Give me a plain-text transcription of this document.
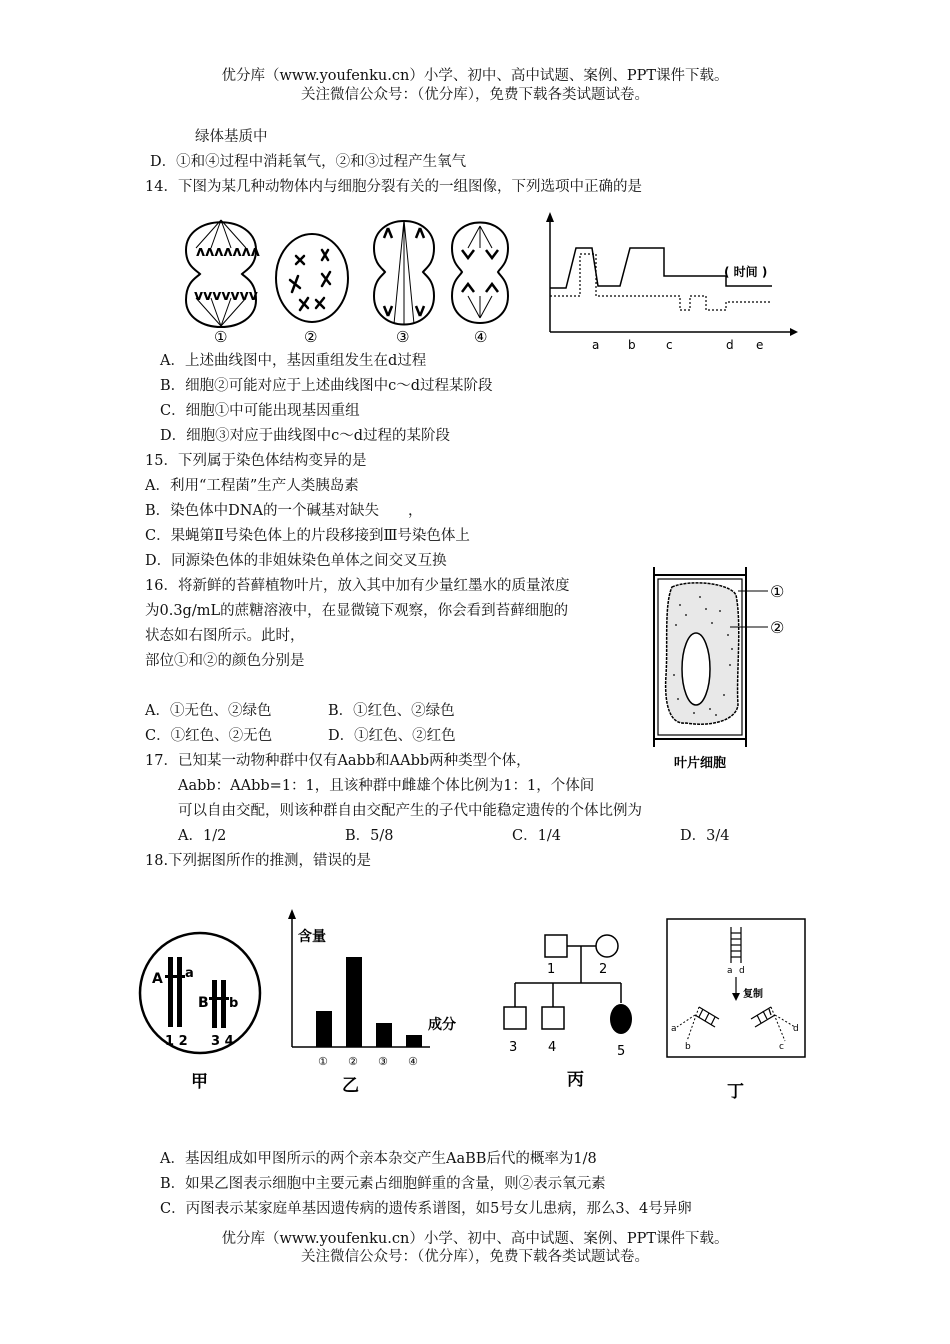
优分库（www.youfenku.cn）小学、初中、高中试题、案例、PPT课件下载。
关注微信公众号：（优分库），免费下载各类试题试卷。
绿体基质中
D．①和④过程中消耗氧气，②和③过程产生氧气
14．下图为某几种动物体内与细胞分裂有关的一组图像，下列选项中正确的是
ʌʌʌʌʌʌʌ
vvvvvvv
①	②	③	④
( 时间 )
a b	c	d e
A．上述曲线图中，基因重组发生在d过程
B．细胞②可能对应于上述曲线图中c～d过程某阶段
C．细胞①中可能出现基因重组
D．细胞③对应于曲线图中c～d过程的某阶段
15．下列属于染色体结构变异的是
A．利用“工程菌”生产人类胰岛素
B．染色体中DNA的一个碱基对缺失　　，
C．果蝇第Ⅱ号染色体上的片段移接到Ⅲ号染色体上
D．同源染色体的非姐妹染色单体之间交叉互换
16．将新鲜的苔藓植物叶片，放入其中加有少量红墨水的质量浓度
为0.3g/mL的蔗糖溶液中，在显微镜下观察，你会看到苔藓细胞的
状态如右图所示。此时，
部位①和②的颜色分别是
A．①无色、②绿色	B．①红色、②绿色
C．①红色、②无色	D．①红色、②红色
①
②
叶片细胞
17．已知某一动物种群中仅有Aabb和AAbb两种类型个体，
Aabb：AAbb=1：1，且该种群中雌雄个体比例为1：1，个体间
可以自由交配，则该种群自由交配产生的子代中能稳定遗传的个体比例为
A．1/2	B．5/8	C．1/4	D．3/4
18.下列据图所作的推测，错误的是
A a
B b
1 2 3 4
甲
含量
成分
① ② ③ ④
乙
1	2
3 4	5
丙
a d
复制
a
b	c
d
丁
A．基因组成如甲图所示的两个亲本杂交产生AaBB后代的概率为1/8
B．如果乙图表示细胞中主要元素占细胞鲜重的含量，则②表示氧元素
C．丙图表示某家庭单基因遗传病的遗传系谱图，如5号女儿患病，那么3、4号异卵
优分库（www.youfenku.cn）小学、初中、高中试题、案例、PPT课件下载。
关注微信公众号：（优分库），免费下载各类试题试卷。
